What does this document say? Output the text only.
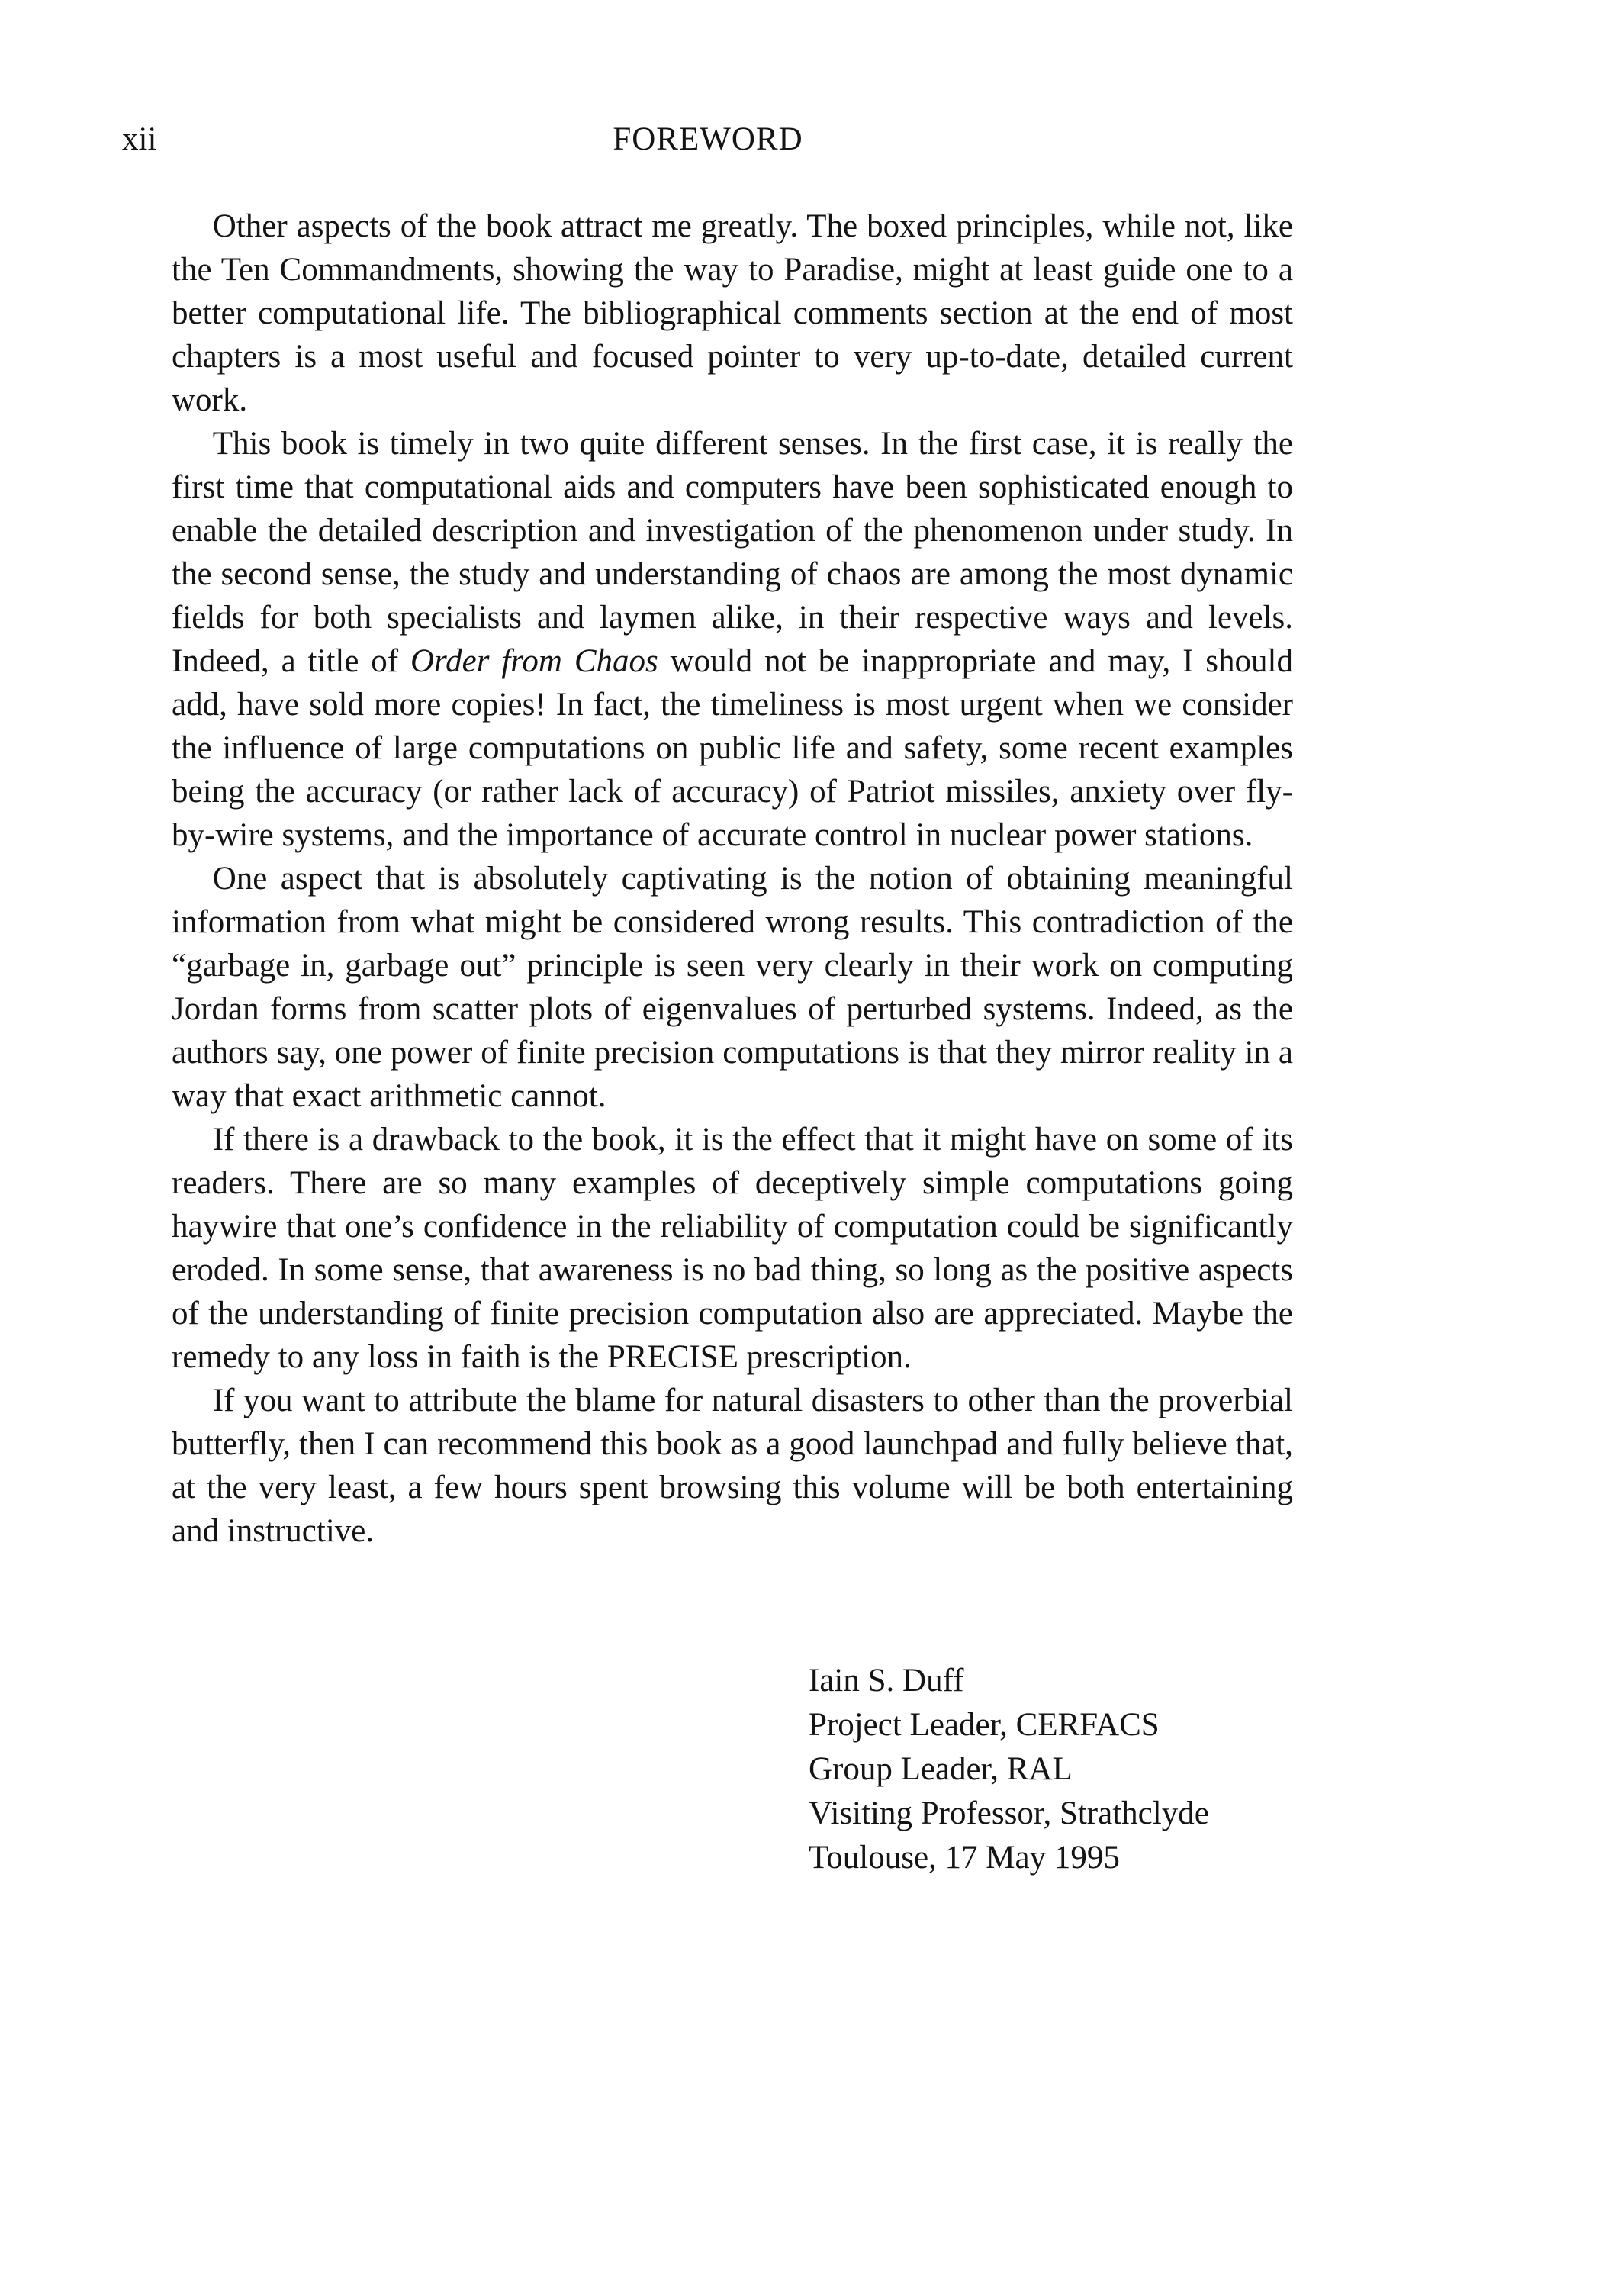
xii	FOREWORD

Other aspects of the book attract me greatly. The boxed principles, while not, like the Ten Commandments, showing the way to Paradise, might at least guide one to a better computational life. The bibliographical comments section at the end of most chapters is a most useful and focused pointer to very up-to-date, detailed current work.

This book is timely in two quite different senses. In the first case, it is really the first time that computational aids and computers have been sophisticated enough to enable the detailed description and investigation of the phenomenon under study. In the second sense, the study and understanding of chaos are among the most dynamic fields for both specialists and laymen alike, in their respective ways and levels. Indeed, a title of Order from Chaos would not be inappropriate and may, I should add, have sold more copies! In fact, the timeliness is most urgent when we consider the influence of large computations on public life and safety, some recent examples being the accuracy (or rather lack of accuracy) of Patriot missiles, anxiety over fly-by-wire systems, and the importance of accurate control in nuclear power stations.

One aspect that is absolutely captivating is the notion of obtaining meaningful information from what might be considered wrong results. This contradiction of the “garbage in, garbage out” principle is seen very clearly in their work on computing Jordan forms from scatter plots of eigenvalues of perturbed systems. Indeed, as the authors say, one power of finite precision computations is that they mirror reality in a way that exact arithmetic cannot.

If there is a drawback to the book, it is the effect that it might have on some of its readers. There are so many examples of deceptively simple computations going haywire that one’s confidence in the reliability of computation could be significantly eroded. In some sense, that awareness is no bad thing, so long as the positive aspects of the understanding of finite precision computation also are appreciated. Maybe the remedy to any loss in faith is the PRECISE prescription.

If you want to attribute the blame for natural disasters to other than the proverbial butterfly, then I can recommend this book as a good launchpad and fully believe that, at the very least, a few hours spent browsing this volume will be both entertaining and instructive.

Iain S. Duff
Project Leader, CERFACS
Group Leader, RAL
Visiting Professor, Strathclyde
Toulouse, 17 May 1995
